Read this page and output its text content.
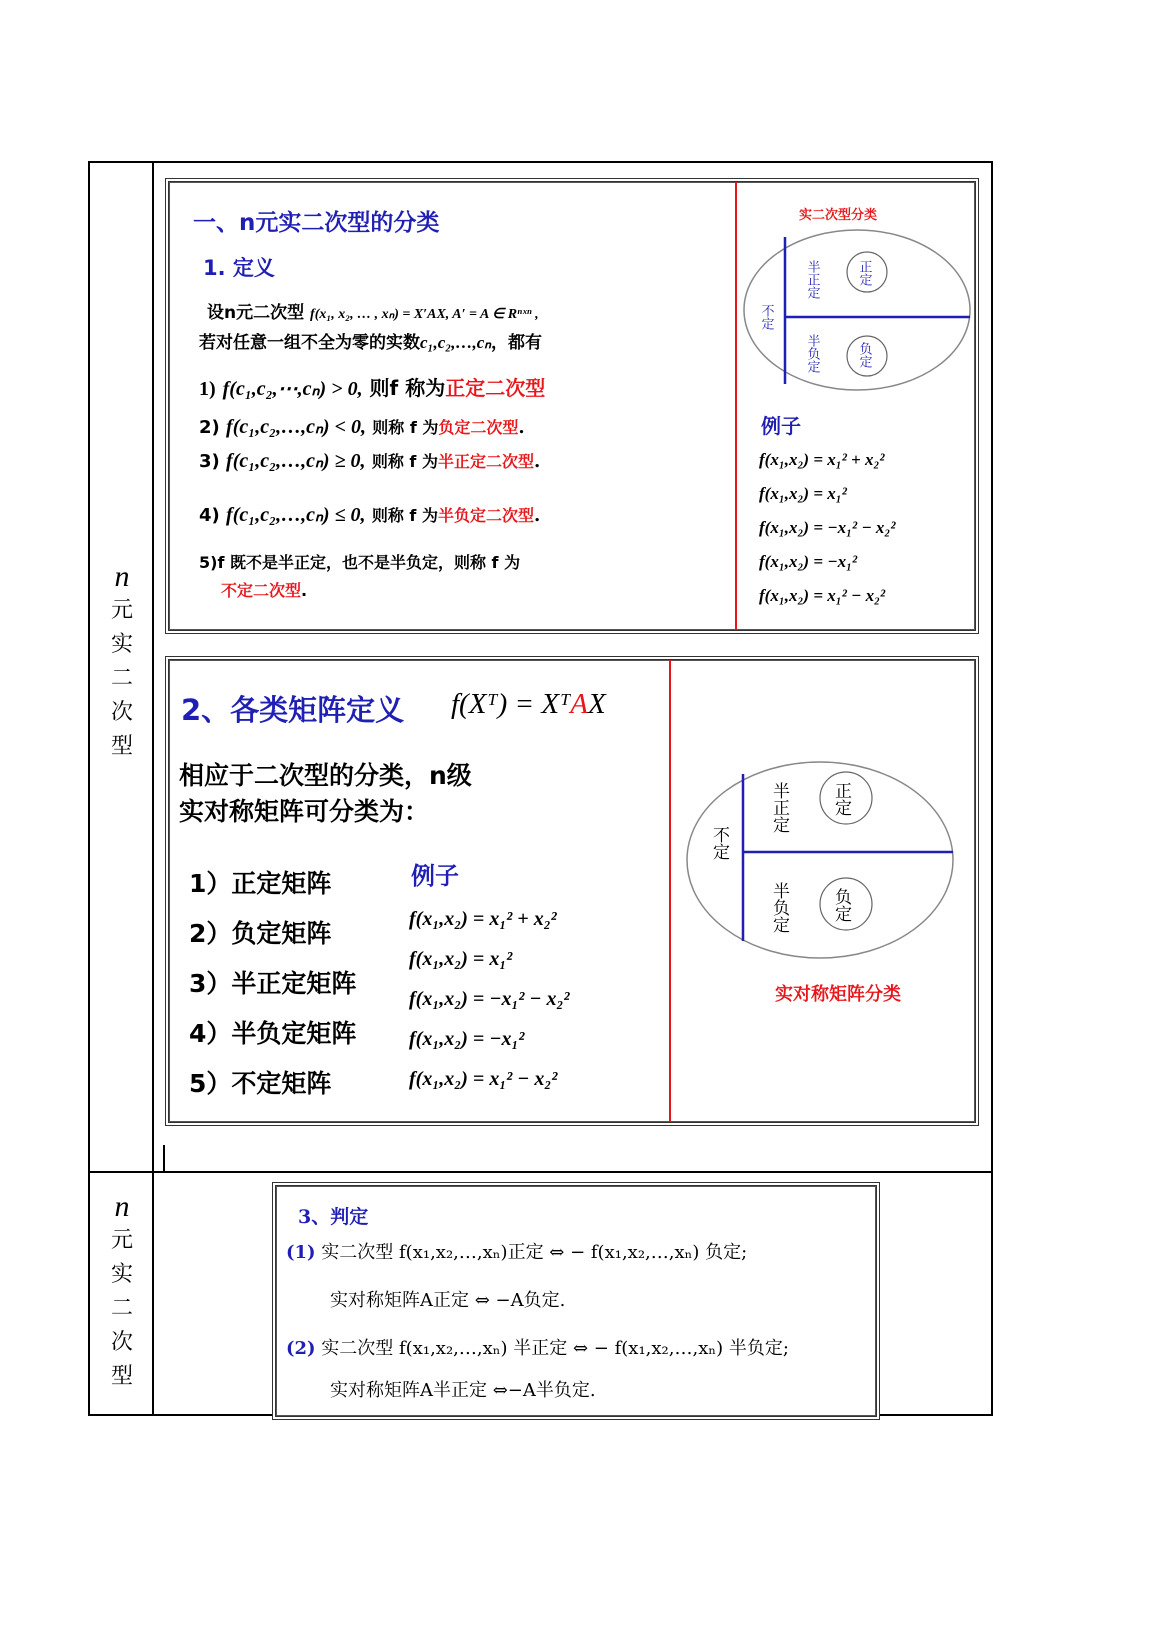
n
元
实
二
次
型
n
元
实
二
次
型
一、n元实二次型的分类
1. 定义
设n元二次型 f(x₁, x₂, … , xₙ) = X′AX, A′ = A ∈ Rⁿˣⁿ ,
若对任意一组不全为零的实数c₁,c₂,…,cₙ，都有
1) f(c₁,c₂,⋯,cₙ) > 0, 则f 称为正定二次型
2) f(c₁,c₂,…,cₙ) < 0, 则称 f 为负定二次型.
3) f(c₁,c₂,…,cₙ) ≥ 0, 则称 f 为半正定二次型.
4) f(c₁,c₂,…,cₙ) ≤ 0, 则称 f 为半负定二次型.
5)f 既不是半正定，也不是半负定，则称 f 为
不定二次型.
实二次型分类
不定
半正定	正定
半负定	负定
例子
f(x₁,x₂) = x₁² + x₂²
f(x₁,x₂) = x₁²
f(x₁,x₂) = −x₁² − x₂²
f(x₁,x₂) = −x₁²
f(x₁,x₂) = x₁² − x₂²
2、各类矩阵定义 f(Xᵀ) = XᵀAX
相应于二次型的分类，n级
实对称矩阵可分类为：
1）正定矩阵
2）负定矩阵
3）半正定矩阵
4）半负定矩阵
5）不定矩阵
例子
f(x₁,x₂) = x₁² + x₂²
f(x₁,x₂) = x₁²
f(x₁,x₂) = −x₁² − x₂²
f(x₁,x₂) = −x₁²
f(x₁,x₂) = x₁² − x₂²
不定
半正定 正定
半负定 负定
实对称矩阵分类
3、判定
(1) 实二次型 f(x₁,x₂,…,xₙ)正定 ⇔ − f(x₁,x₂,…,xₙ) 负定;
实对称矩阵A正定 ⇔ −A负定.
(2) 实二次型 f(x₁,x₂,…,xₙ) 半正定 ⇔ − f(x₁,x₂,…,xₙ) 半负定;
实对称矩阵A半正定 ⇔−A半负定.
